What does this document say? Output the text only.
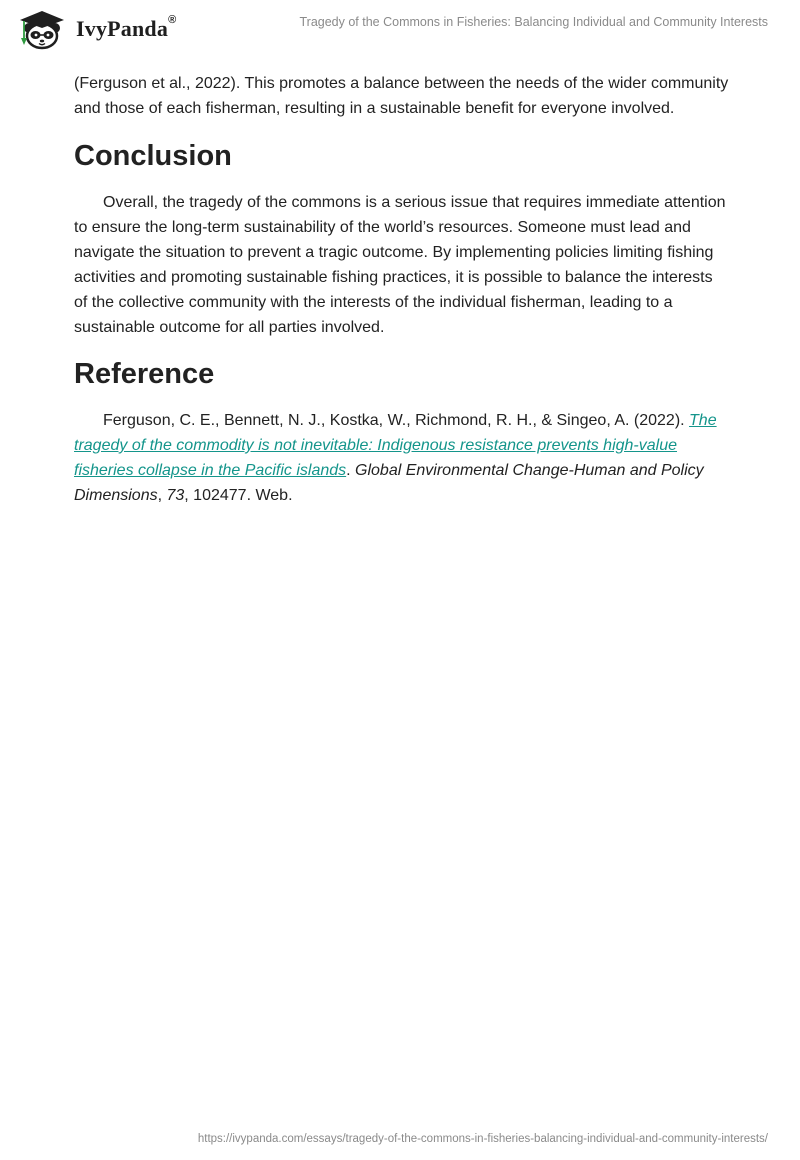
IvyPanda®	Tragedy of the Commons in Fisheries: Balancing Individual and Community Interests

(Ferguson et al., 2022). This promotes a balance between the needs of the wider community and those of each fisherman, resulting in a sustainable benefit for everyone involved.

Conclusion

Overall, the tragedy of the commons is a serious issue that requires immediate attention to ensure the long-term sustainability of the world’s resources. Someone must lead and navigate the situation to prevent a tragic outcome. By implementing policies limiting fishing activities and promoting sustainable fishing practices, it is possible to balance the interests of the collective community with the interests of the individual fisherman, leading to a sustainable outcome for all parties involved.

Reference

Ferguson, C. E., Bennett, N. J., Kostka, W., Richmond, R. H., & Singeo, A. (2022). The tragedy of the commodity is not inevitable: Indigenous resistance prevents high-value fisheries collapse in the Pacific islands. Global Environmental Change-Human and Policy Dimensions, 73, 102477. Web.

https://ivypanda.com/essays/tragedy-of-the-commons-in-fisheries-balancing-individual-and-community-interests/
